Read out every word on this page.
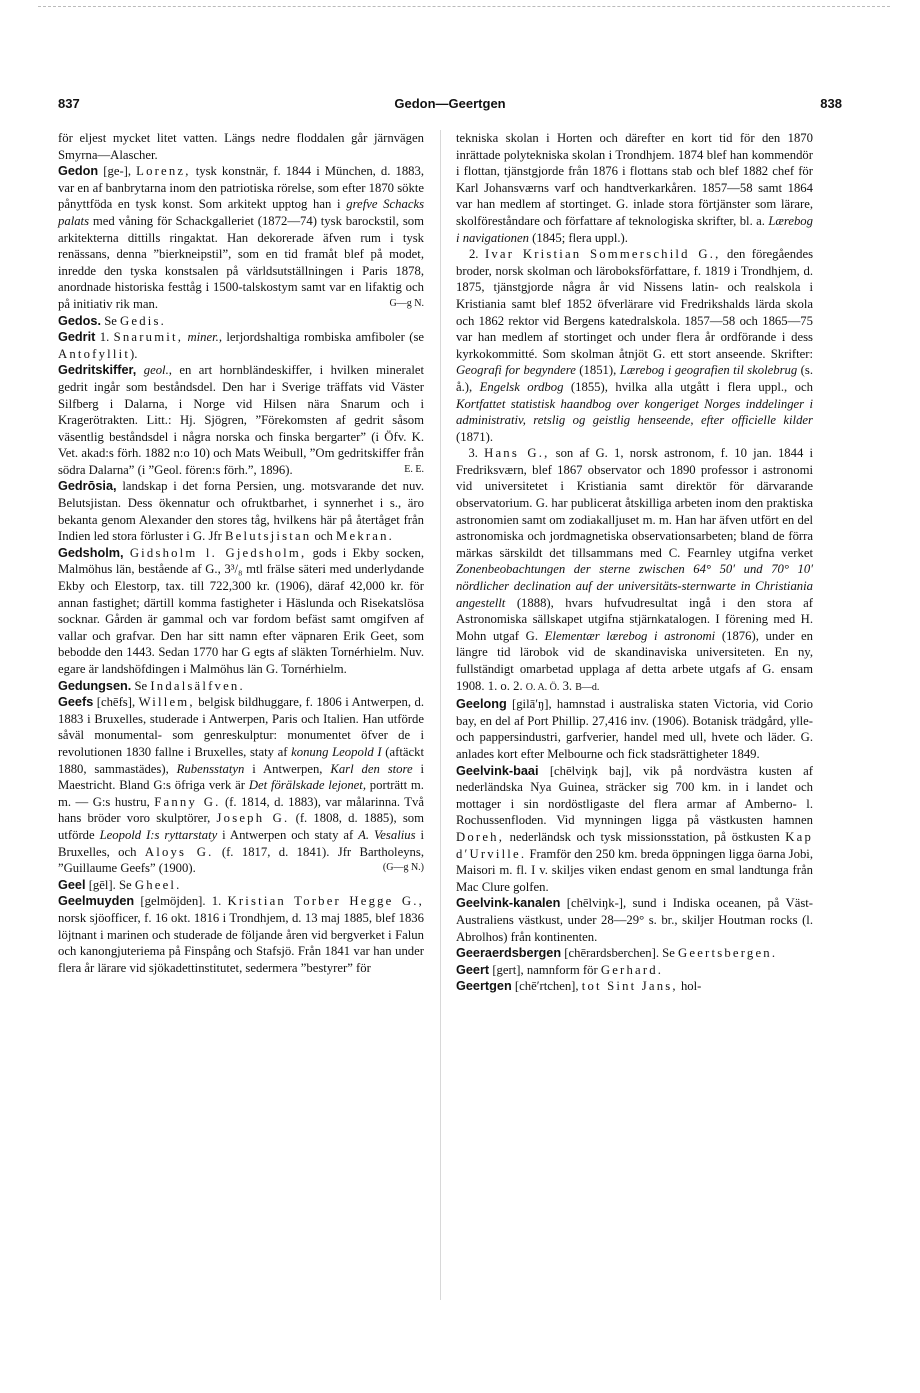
837	Gedon—Geertgen	838

för eljest mycket litet vatten. Längs nedre floddalen går järnvägen Smyrna—Alascher.

Gedon [ge-], Lorenz, tysk konstnär, f. 1844 i München, d. 1883, var en af banbrytarna inom den patriotiska rörelse, som efter 1870 sökte pånyttföda en tysk konst. Som arkitekt upptog han i grefve Schacks palats med våning för Schackgalleriet (1872—74) tysk barockstil, som arkitekterna dittills ringaktat. Han dekorerade äfven rum i tysk renässans, denna ”bierkneipstil”, som en tid framåt blef på modet, inredde den tyska konstsalen på världsutställningen i Paris 1878, anordnade historiska festtåg i 1500-talskostym samt var en lifaktig och på initiativ rik man.	G—g N.

Gedos. Se Gedis.

Gedrit 1. Snarumit, miner., lerjordshaltiga rombiska amfiboler (se Antofyllit).

Gedritskiffer, geol., en art hornbländeskiffer, i hvilken mineralet gedrit ingår som beståndsdel. Den har i Sverige träffats vid Väster Silfberg i Dalarna, i Norge vid Hilsen nära Snarum och i Kragerötrakten. Litt.: Hj. Sjögren, ”Förekomsten af gedrit såsom väsentlig beståndsdel i några norska och finska bergarter” (i Öfv. K. Vet. akad:s förh. 1882 n:o 10) och Mats Weibull, ”Om gedritskiffer från södra Dalarna” (i ”Geol. fören:s förh.”, 1896).	E. E.

Gedrōsia, landskap i det forna Persien, ung. motsvarande det nuv. Belutsjistan. Dess ökennatur och ofruktbarhet, i synnerhet i s., äro bekanta genom Alexander den stores tåg, hvilkens här på återtåget från Indien led stora förluster i G. Jfr Belutsjistan och Mekran.

Gedsholm, Gidsholm l. Gjedsholm, gods i Ekby socken, Malmöhus län, bestående af G., 3³/₈ mtl frälse säteri med underlydande Ekby och Elestorp, tax. till 722,300 kr. (1906), däraf 42,000 kr. för annan fastighet; därtill komma fastigheter i Häslunda och Risekatslösa socknar. Gården är gammal och var fordom befäst samt omgifven af vallar och grafvar. Den har sitt namn efter väpnaren Erik Geet, som bebodde den 1443. Sedan 1770 har G egts af släkten Tornérhielm. Nuv. egare är landshöfdingen i Malmöhus län G. Tornérhielm.

Gedungsen. Se Indalsälfven.

Geefs [chēfs], Willem, belgisk bildhuggare, f. 1806 i Antwerpen, d. 1883 i Bruxelles, studerade i Antwerpen, Paris och Italien. Han utförde såväl monumental- som genreskulptur: monumentet öfver de i revolutionen 1830 fallne i Bruxelles, staty af konung Leopold I (aftäckt 1880, sammastädes), Rubensstatyn i Antwerpen, Karl den store i Maestricht. Bland G:s öfriga verk är Det förälskade lejonet, porträtt m. m. — G:s hustru, Fanny G. (f. 1814, d. 1883), var målarinna. Två hans bröder voro skulptörer, Joseph G. (f. 1808, d. 1885), som utförde Leopold I:s ryttarstaty i Antwerpen och staty af A. Vesalius i Bruxelles, och Aloys G. (f. 1817, d. 1841). Jfr Bartholeyns, ”Guillaume Geefs” (1900).	(G—g N.)

Geel [gēl]. Se Gheel.

Geelmuyden [gelmöjden]. 1. Kristian Torber Hegge G., norsk sjöofficer, f. 16 okt. 1816 i Trondhjem, d. 13 maj 1885, blef 1836 löjtnant i marinen och studerade de följande åren vid bergverket i Falun och kanongjuteriema på Finspång och Stafsjö. Från 1841 var han under flera år lärare vid sjökadettinstitutet, sedermera ”bestyrer” för

tekniska skolan i Horten och därefter en kort tid för den 1870 inrättade polytekniska skolan i Trondhjem. 1874 blef han kommendör i flottan, tjänstgjorde från 1876 i flottans stab och blef 1882 chef för Karl Johansværns varf och handtverkarkåren. 1857—58 samt 1864 var han medlem af stortinget. G. inlade stora förtjänster som lärare, skolföreståndare och författare af teknologiska skrifter, bl. a. Lærebog i navigationen (1845; flera uppl.).

2. Ivar Kristian Sommerschild G., den föregåendes broder, norsk skolman och läroboksförfattare, f. 1819 i Trondhjem, d. 1875, tjänstgjorde några år vid Nissens latin- och realskola i Kristiania samt blef 1852 öfverlärare vid Fredrikshalds lärda skola och 1862 rektor vid Bergens katedralskola. 1857—58 och 1865—75 var han medlem af stortinget och under flera år ordförande i dess kyrkokommitté. Som skolman åtnjöt G. ett stort anseende. Skrifter: Geografi for begyndere (1851), Lærebog i geografien til skolebrug (s. å.), Engelsk ordbog (1855), hvilka alla utgått i flera uppl., och Kortfattet statistisk haandbog over kongeriget Norges inddelinger i administrativ, retslig og geistlig henseende, efter officielle kilder (1871).

3. Hans G., son af G. 1, norsk astronom, f. 10 jan. 1844 i Fredriksværn, blef 1867 observator och 1890 professor i astronomi vid universitetet i Kristiania samt direktör för därvarande observatorium. G. har publicerat åtskilliga arbeten inom den praktiska astronomien samt om zodiakalljuset m. m. Han har äfven utfört en del astronomiska och jordmagnetiska observationsarbeten; bland de förra märkas särskildt det tillsammans med C. Fearnley utgifna verket Zonenbeobachtungen der sterne zwischen 64° 50′ und 70° 10′ nördlicher declination auf der universitäts-sternwarte in Christiania angestellt (1888), hvars hufvudresultat ingå i den stora af Astronomiska sällskapet utgifna stjärnkatalogen. I förening med H. Mohn utgaf G. Elementær lærebog i astronomi (1876), under en längre tid lärobok vid de skandinaviska universiteten. En ny, fullständigt omarbetad upplaga af detta arbete utgafs af G. ensam 1908. 1. o. 2. O. A. Ö. 3. B—d.

Geelong [gilā′ŋ], hamnstad i australiska staten Victoria, vid Corio bay, en del af Port Phillip. 27,416 inv. (1906). Botanisk trädgård, ylle- och pappersindustri, garfverier, handel med ull, hvete och läder. G. anlades kort efter Melbourne och fick stadsrättigheter 1849.

Geelvink-baai [chēlviŋk baj], vik på nordvästra kusten af nederländska Nya Guinea, sträcker sig 700 km. in i landet och mottager i sin nordöstligaste del flera armar af Amberno- l. Rochussenfloden. Vid mynningen ligga på västkusten hamnen Doreh, nederländsk och tysk missionsstation, på östkusten Kap d′Urville. Framför den 250 km. breda öppningen ligga öarna Jobi, Maisori m. fl. I v. skiljes viken endast genom en smal landtunga från Mac Clure golfen.

Geelvink-kanalen [chēlviŋk-], sund i Indiska oceanen, på Väst-Australiens västkust, under 28—29° s. br., skiljer Houtman rocks (l. Abrolhos) från kontinenten.

Geeraerdsbergen [chērardsberchen]. Se Geertsbergen.

Geert [gert], namnform för Gerhard.

Geertgen [chē′rtchen], tot Sint Jans, hol-
